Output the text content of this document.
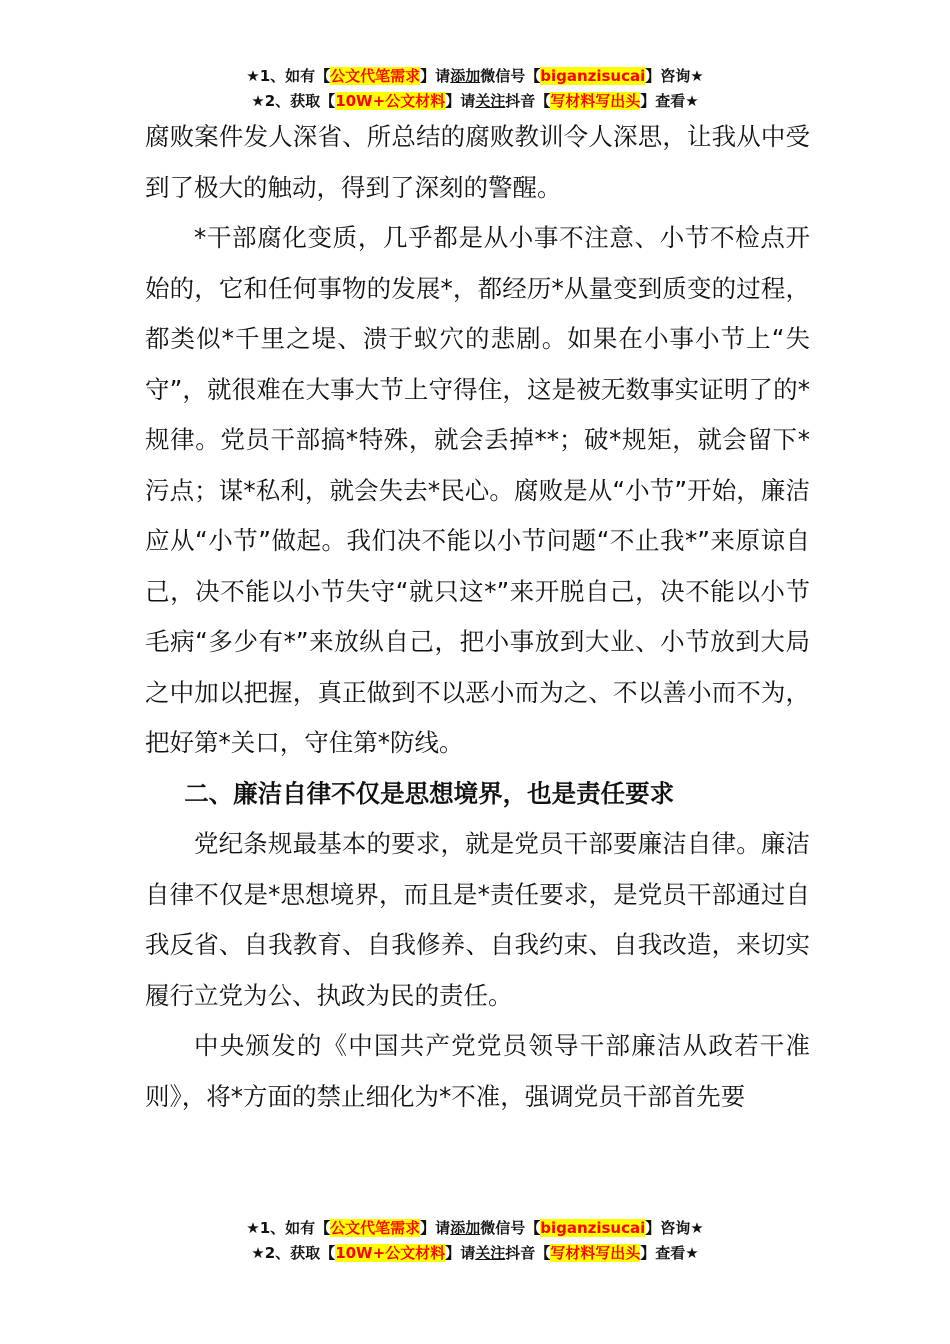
★1、如有【公文代笔需求】请添加微信号【biganzisucai】咨询★
★2、获取【10W+公文材料】请关注抖音【写材料写出头】查看★

腐败案件发人深省、所总结的腐败教训令人深思，让我从中受到了极大的触动，得到了深刻的警醒。

*干部腐化变质，几乎都是从小事不注意、小节不检点开始的，它和任何事物的发展*，都经历*从量变到质变的过程，都类似*千里之堤、溃于蚁穴的悲剧。如果在小事小节上“失守”，就很难在大事大节上守得住，这是被无数事实证明了的*规律。党员干部搞*特殊，就会丢掉**；破*规矩，就会留下*污点；谋*私利，就会失去*民心。腐败是从“小节”开始，廉洁应从“小节”做起。我们决不能以小节问题“不止我*”来原谅自己，决不能以小节失守“就只这*”来开脱自己，决不能以小节毛病“多少有*”来放纵自己，把小事放到大业、小节放到大局之中加以把握，真正做到不以恶小而为之、不以善小而不为，把好第*关口，守住第*防线。

二、廉洁自律不仅是思想境界，也是责任要求

党纪条规最基本的要求，就是党员干部要廉洁自律。廉洁自律不仅是*思想境界，而且是*责任要求，是党员干部通过自我反省、自我教育、自我修养、自我约束、自我改造，来切实履行立党为公、执政为民的责任。

中央颁发的《中国共产党党员领导干部廉洁从政若干准则》，将*方面的禁止细化为*不准，强调党员干部首先要

★1、如有【公文代笔需求】请添加微信号【biganzisucai】咨询★
★2、获取【10W+公文材料】请关注抖音【写材料写出头】查看★
